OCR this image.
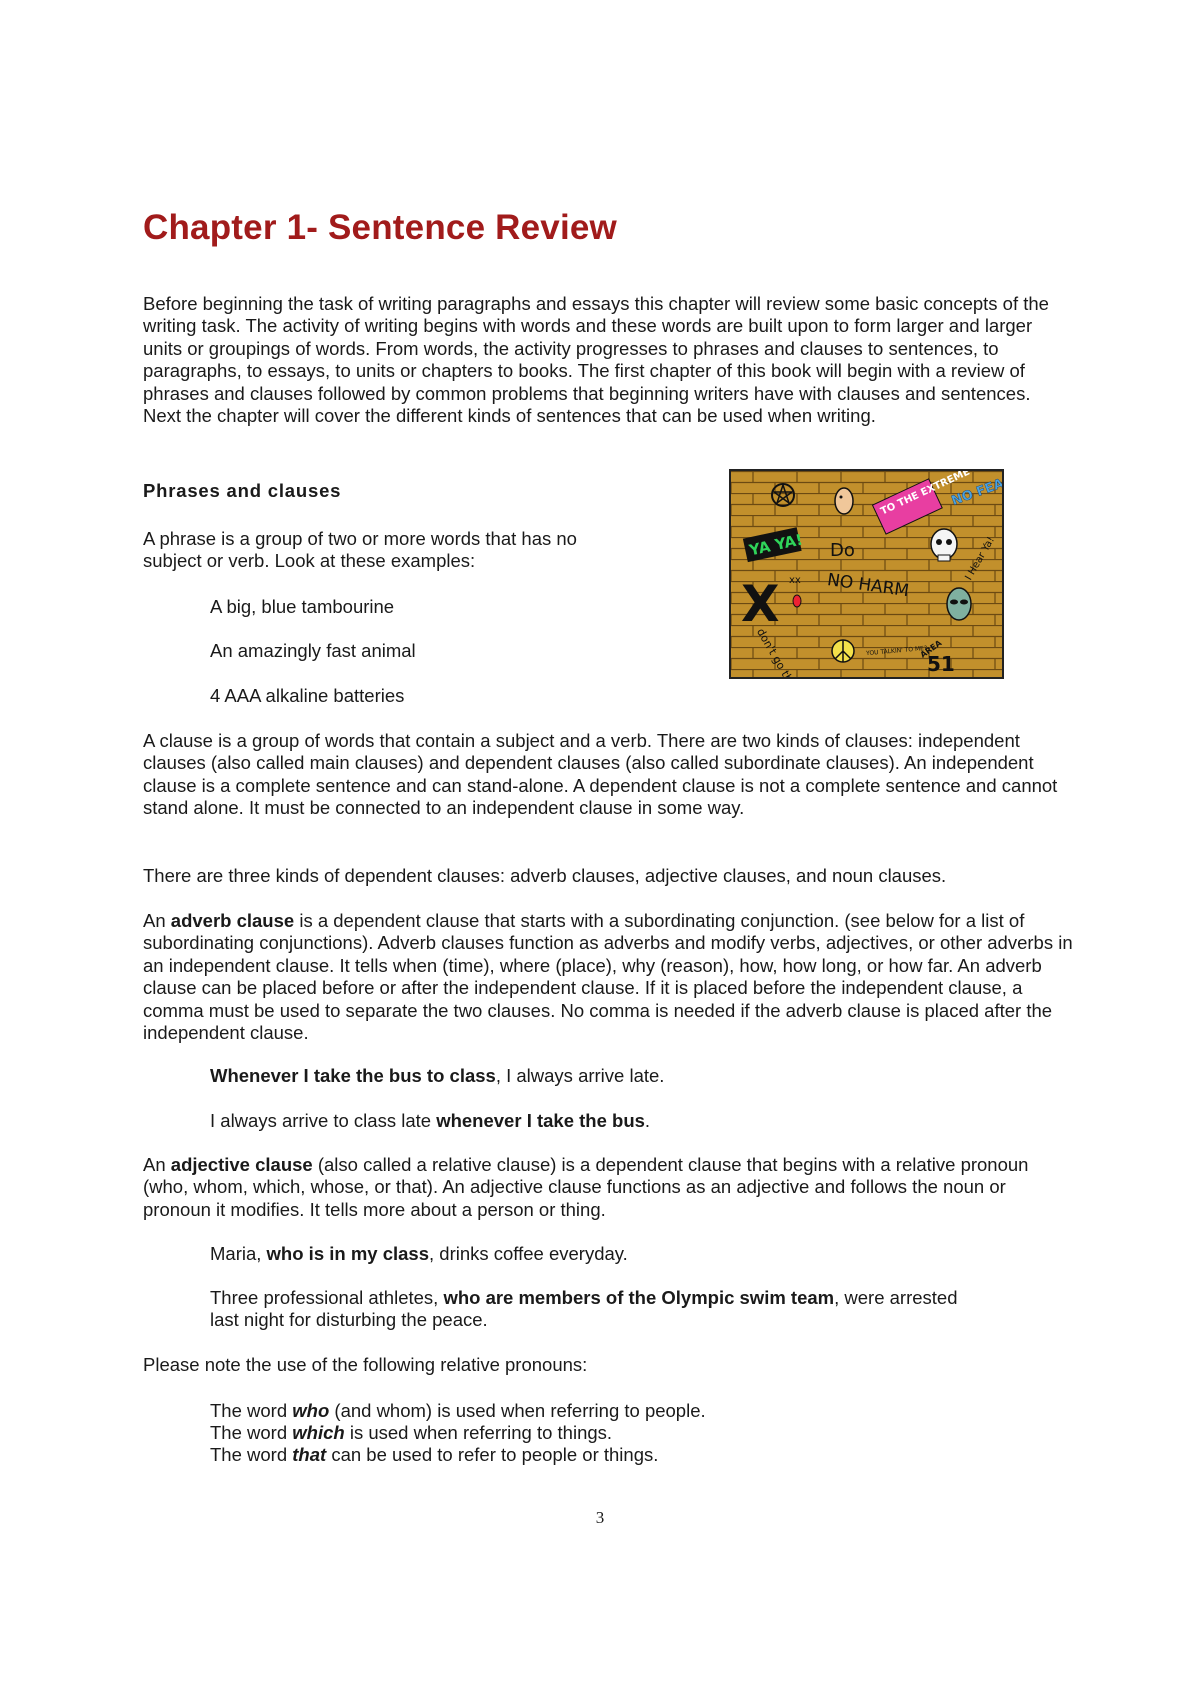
Chapter 1- Sentence Review

Before beginning the task of writing paragraphs and essays this chapter will review some basic concepts of the writing task. The activity of writing begins with words and these words are built upon to form larger and larger units or groupings of words. From words, the activity progresses to phrases and clauses to sentences, to paragraphs, to essays, to units or chapters to books. The first chapter of this book will begin with a review of phrases and clauses followed by common problems that beginning writers have with clauses and sentences. Next the chapter will cover the different kinds of sentences that can be used when writing.

Phrases and clauses

A phrase is a group of two or more words that has no subject or verb. Look at these examples:

A big, blue tambourine

An amazingly fast animal

4 AAA alkaline batteries

TO THE EXTREME
NO FEAR
YA YA! Do	I Hear Ya!
X xx NO HARM
don't go there!	YOU TALKIN' TO ME?
AREA
51

A clause is a group of words that contain a subject and a verb. There are two kinds of clauses: independent clauses (also called main clauses) and dependent clauses (also called subordinate clauses). An independent clause is a complete sentence and can stand-alone. A dependent clause is not a complete sentence and cannot stand alone. It must be connected to an independent clause in some way.

There are three kinds of dependent clauses: adverb clauses, adjective clauses, and noun clauses.

An adverb clause is a dependent clause that starts with a subordinating conjunction. (see below for a list of subordinating conjunctions). Adverb clauses function as adverbs and modify verbs, adjectives, or other adverbs in an independent clause. It tells when (time), where (place), why (reason), how, how long, or how far. An adverb clause can be placed before or after the independent clause. If it is placed before the independent clause, a comma must be used to separate the two clauses. No comma is needed if the adverb clause is placed after the independent clause.

Whenever I take the bus to class, I always arrive late.

I always arrive to class late whenever I take the bus.

An adjective clause (also called a relative clause) is a dependent clause that begins with a relative pronoun (who, whom, which, whose, or that). An adjective clause functions as an adjective and follows the noun or pronoun it modifies. It tells more about a person or thing.

Maria, who is in my class, drinks coffee everyday.

Three professional athletes, who are members of the Olympic swim team, were arrested last night for disturbing the peace.

Please note the use of the following relative pronouns:

The word who (and whom) is used when referring to people.

The word which is used when referring to things.

The word that can be used to refer to people or things.

3
